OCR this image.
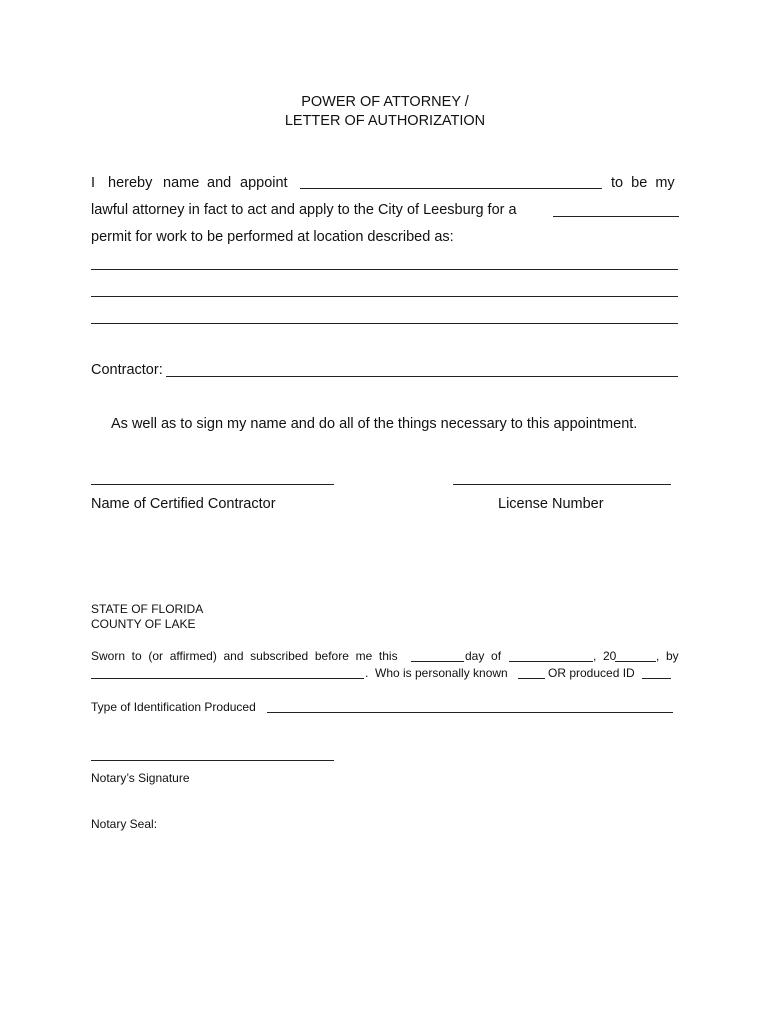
POWER OF ATTORNEY /
LETTER OF AUTHORIZATION
I hereby name and appoint	to  be  my
lawful attorney in fact to act and apply to the City of Leesburg for a
permit for work to be performed at location described as:
Contractor:
As well as to sign my name and do all of the things necessary to this appointment.
Name of Certified Contractor	License Number
STATE OF FLORIDA
COUNTY OF LAKE
Sworn  to  (or  affirmed)  and  subscribed  before  me  this	day  of	,  20	,  by
.  Who is personally known	OR produced ID
Type of Identification Produced
Notary’s Signature
Notary Seal:
